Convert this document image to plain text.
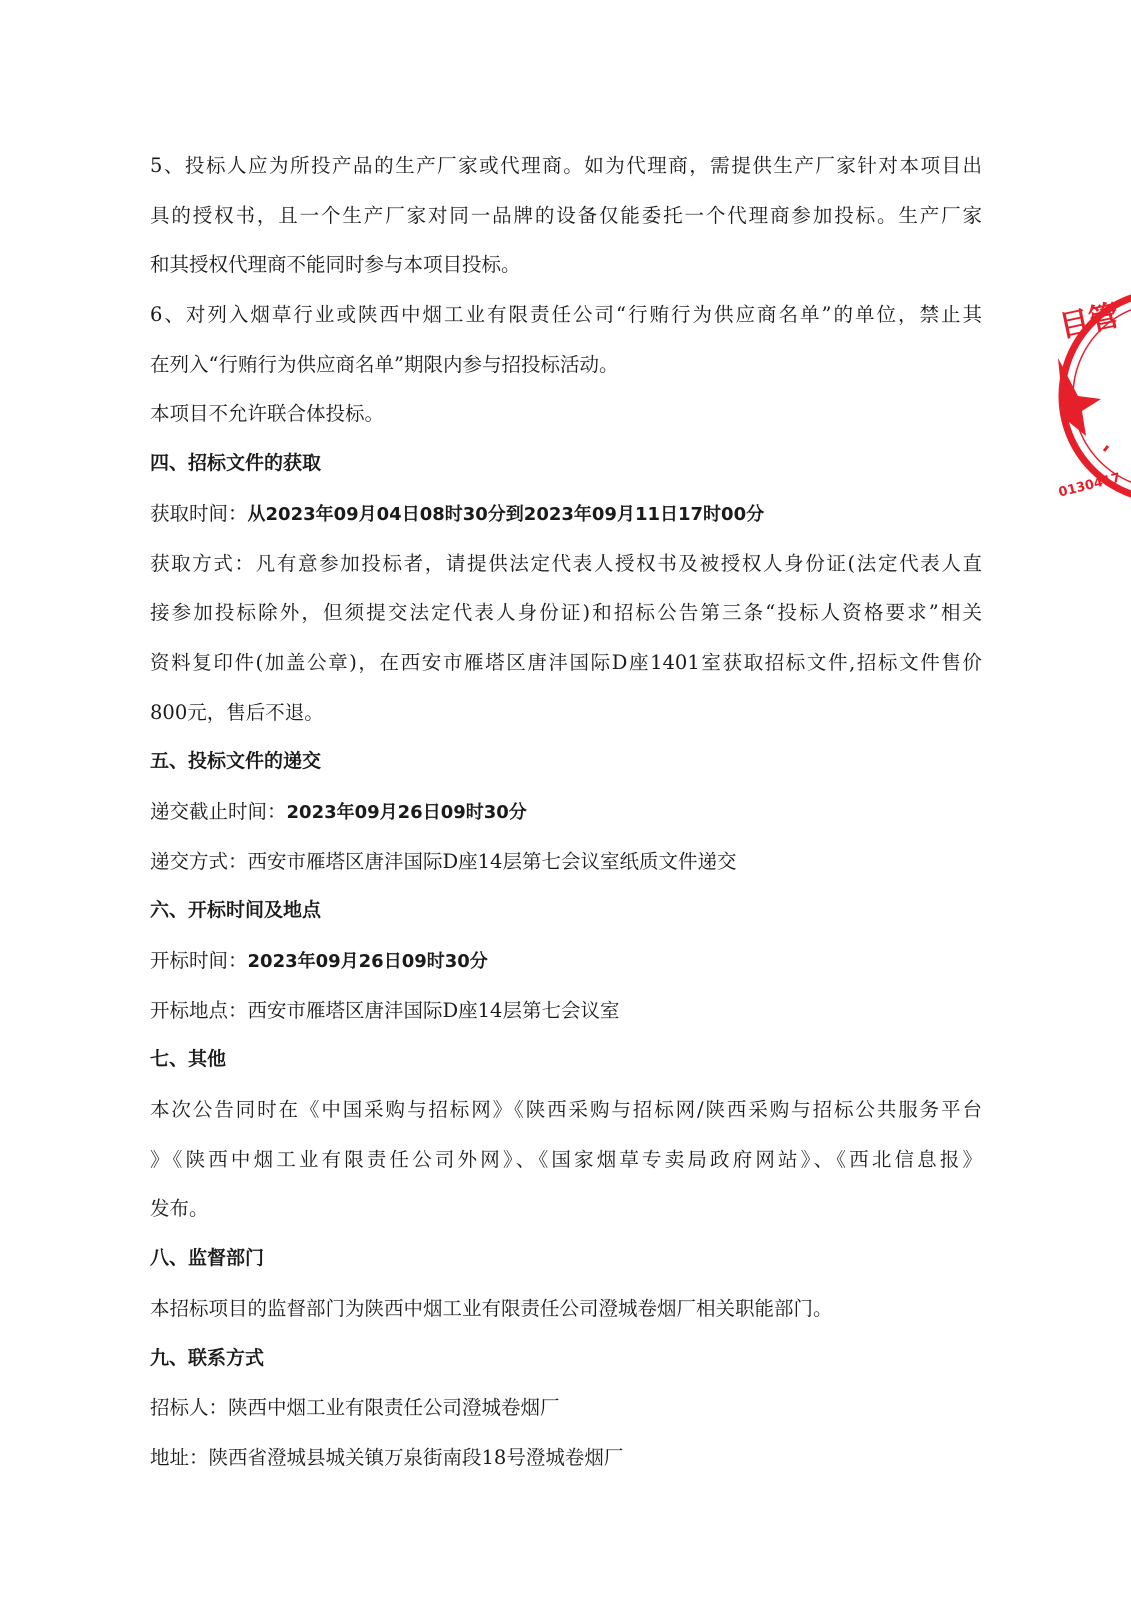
5、投标人应为所投产品的生产厂家或代理商。如为代理商，需提供生产厂家针对本项目出
具的授权书，且一个生产厂家对同一品牌的设备仅能委托一个代理商参加投标。生产厂家
和其授权代理商不能同时参与本项目投标。
6、对列入烟草行业或陕西中烟工业有限责任公司“行贿行为供应商名单”的单位，禁止其
在列入“行贿行为供应商名单”期限内参与招投标活动。
本项目不允许联合体投标。
四、招标文件的获取
获取时间：从2023年09月04日08时30分到2023年09月11日17时00分
获取方式：凡有意参加投标者，请提供法定代表人授权书及被授权人身份证(法定代表人直
接参加投标除外，但须提交法定代表人身份证)和招标公告第三条“投标人资格要求”相关
资料复印件(加盖公章)，在西安市雁塔区唐沣国际D座1401室获取招标文件,招标文件售价
800元，售后不退。
五、投标文件的递交
递交截止时间：2023年09月26日09时30分
递交方式：西安市雁塔区唐沣国际D座14层第七会议室纸质文件递交
六、开标时间及地点
开标时间：2023年09月26日09时30分
开标地点：西安市雁塔区唐沣国际D座14层第七会议室
七、其他
本次公告同时在《中国采购与招标网》《陕西采购与招标网/陕西采购与招标公共服务平台
》《陕西中烟工业有限责任公司外网》、《国家烟草专卖局政府网站》、《西北信息报》
发布。
八、监督部门
本招标项目的监督部门为陕西中烟工业有限责任公司澄城卷烟厂相关职能部门。
九、联系方式
招标人：陕西中烟工业有限责任公司澄城卷烟厂
地址：陕西省澄城县城关镇万泉街南段18号澄城卷烟厂
目管
0130417
